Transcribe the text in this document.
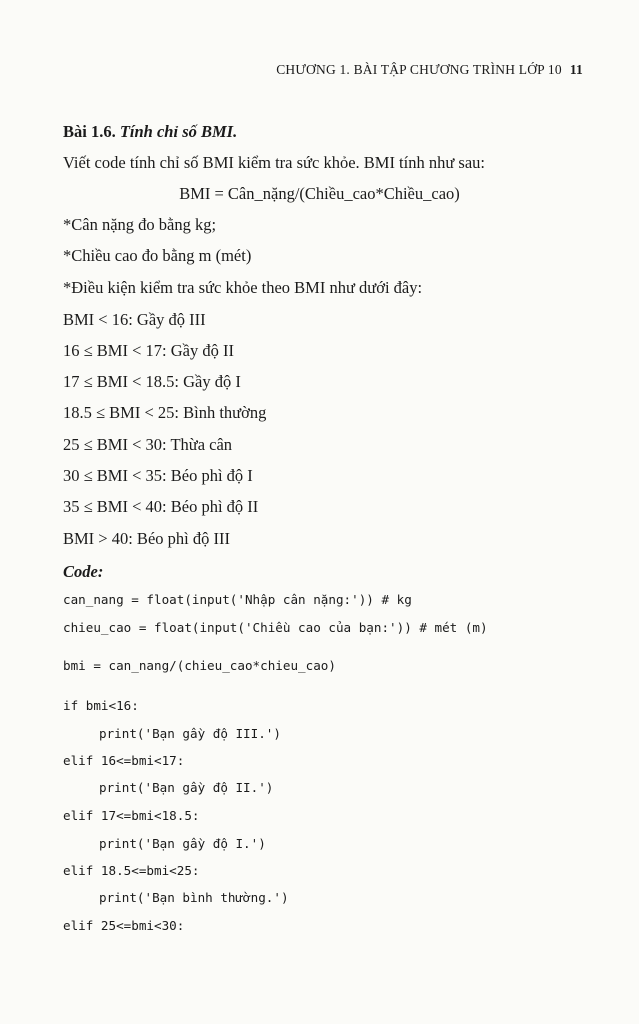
CHƯƠNG 1. BÀI TẬP CHƯƠNG TRÌNH LỚP 10 11
Bài 1.6. Tính chỉ số BMI.
Viết code tính chỉ số BMI kiểm tra sức khỏe. BMI tính như sau:
BMI = Cân_nặng/(Chiều_cao*Chiều_cao)
*Cân nặng đo bằng kg;
*Chiều cao đo bằng m (mét)
*Điều kiện kiểm tra sức khỏe theo BMI như dưới đây:
BMI < 16: Gầy độ III
16 ≤ BMI < 17: Gầy độ II
17 ≤ BMI < 18.5: Gầy độ I
18.5 ≤ BMI < 25: Bình thường
25 ≤ BMI < 30: Thừa cân
30 ≤ BMI < 35: Béo phì độ I
35 ≤ BMI < 40: Béo phì độ II
BMI > 40: Béo phì độ III
Code:
can_nang = float(input('Nhập cân nặng:')) # kg
chieu_cao = float(input('Chiều cao của bạn:')) # mét (m)
bmi = can_nang/(chieu_cao*chieu_cao)
if bmi<16:
print('Bạn gầy độ III.')
elif 16<=bmi<17:
print('Bạn gầy độ II.')
elif 17<=bmi<18.5:
print('Bạn gầy độ I.')
elif 18.5<=bmi<25:
print('Bạn bình thường.')
elif 25<=bmi<30:
